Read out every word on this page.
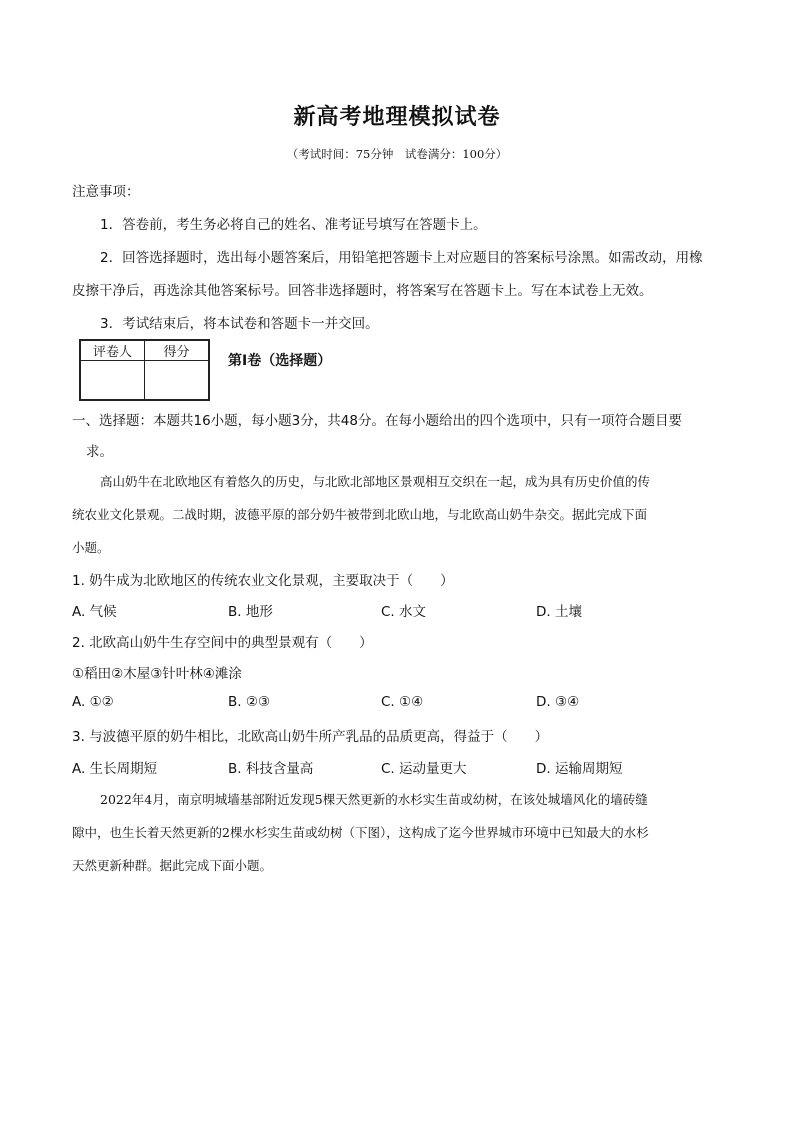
新高考地理模拟试卷
（考试时间：75分钟　试卷满分：100分）
注意事项：
1．答卷前，考生务必将自己的姓名、准考证号填写在答题卡上。
2．回答选择题时，选出每小题答案后，用铅笔把答题卡上对应题目的答案标号涂黑。如需改动，用橡
皮擦干净后，再选涂其他答案标号。回答非选择题时，将答案写在答题卡上。写在本试卷上无效。
3．考试结束后，将本试卷和答题卡一并交回。
评卷人	得分

第Ⅰ卷（选择题）
一、选择题：本题共16小题，每小题3分，共48分。在每小题给出的四个选项中，只有一项符合题目要
求。
高山奶牛在北欧地区有着悠久的历史，与北欧北部地区景观相互交织在一起，成为具有历史价值的传
统农业文化景观。二战时期，波德平原的部分奶牛被带到北欧山地，与北欧高山奶牛杂交。据此完成下面
小题。
1. 奶牛成为北欧地区的传统农业文化景观，主要取决于（　　）
A. 气候	B. 地形	C. 水文	D. 土壤
2. 北欧高山奶牛生存空间中的典型景观有（　　）
①稻田②木屋③针叶林④滩涂
A. ①②	B. ②③	C. ①④	D. ③④
3. 与波德平原的奶牛相比，北欧高山奶牛所产乳品的品质更高，得益于（　　）
A. 生长周期短	B. 科技含量高	C. 运动量更大	D. 运输周期短
2022年4月，南京明城墙基部附近发现5棵天然更新的水杉实生苗或幼树，在该处城墙风化的墙砖缝
隙中，也生长着天然更新的2棵水杉实生苗或幼树（下图），这构成了迄今世界城市环境中已知最大的水杉
天然更新种群。据此完成下面小题。
